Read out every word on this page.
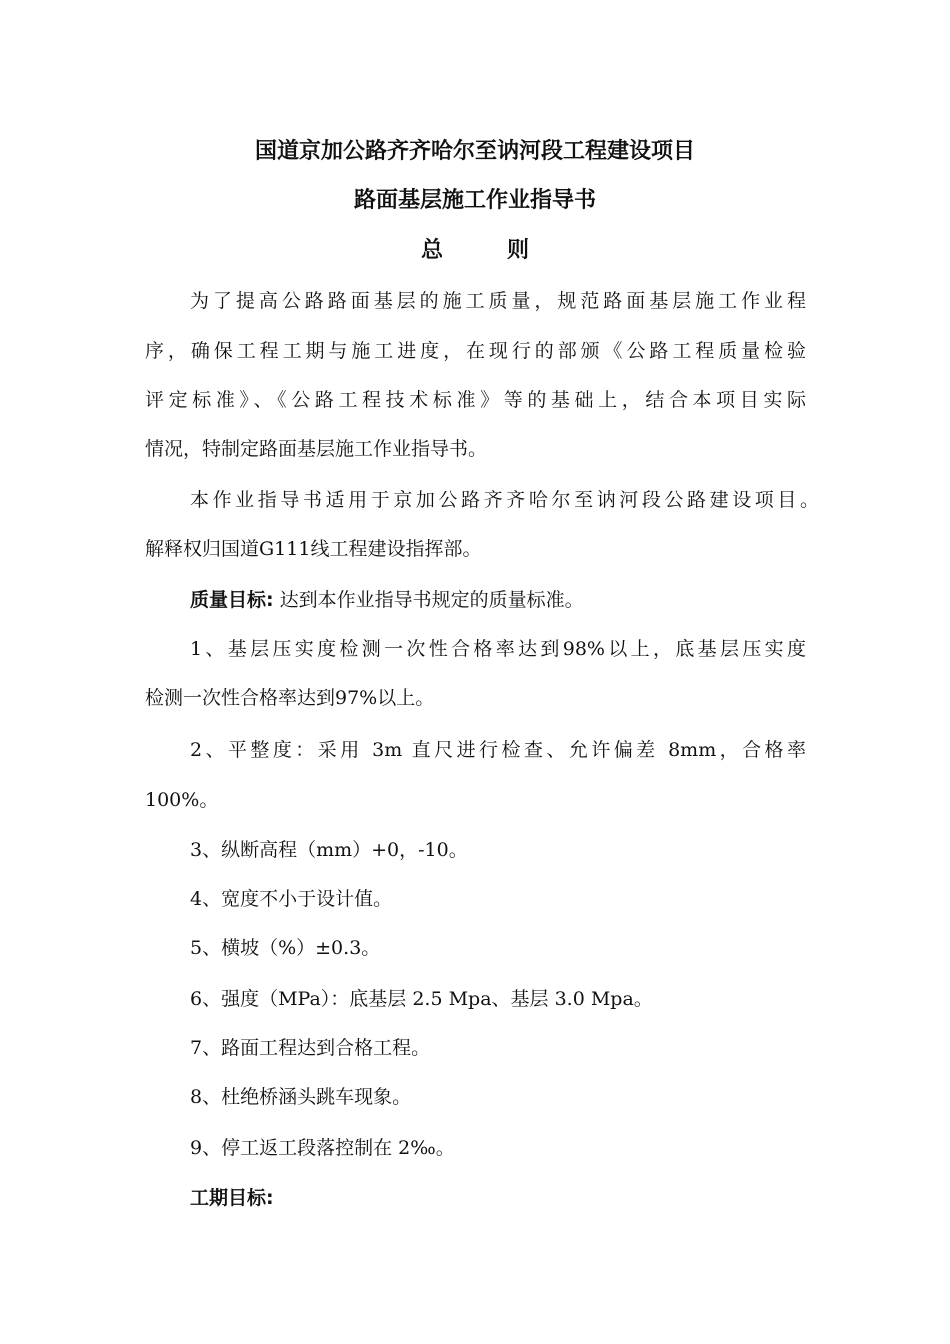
国道京加公路齐齐哈尔至讷河段工程建设项目
路面基层施工作业指导书
总	则
为了提高公路路面基层的施工质量，规范路面基层施工作业程
序，确保工程工期与施工进度，在现行的部颁《公路工程质量检验
评定标准》、《公路工程技术标准》等的基础上，结合本项目实际
情况，特制定路面基层施工作业指导书。
本作业指导书适用于京加公路齐齐哈尔至讷河段公路建设项目。
解释权归国道G111线工程建设指挥部。
质量目标: 达到本作业指导书规定的质量标准。
1、基层压实度检测一次性合格率达到98%以上，底基层压实度
检测一次性合格率达到97%以上。
2、平整度：采用 3m 直尺进行检查、允许偏差 8mm，合格率
100%。
3、纵断高程（mm）+0，-10。
4、宽度不小于设计值。
5、横坡（%）±0.3。
6、强度（MPa）：底基层 2.5 Mpa、基层 3.0 Mpa。
7、路面工程达到合格工程。
8、杜绝桥涵头跳车现象。
9、停工返工段落控制在 2‰。
工期目标:
